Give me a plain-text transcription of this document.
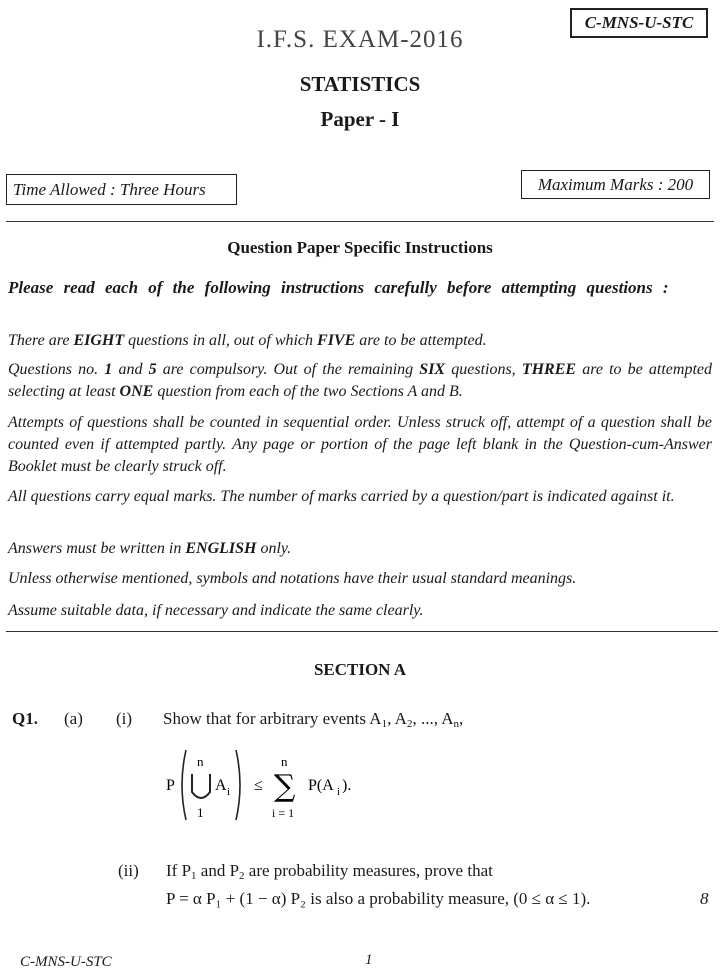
C-MNS-U-STC
I.F.S. EXAM-2016
STATISTICS
Paper - I
Time Allowed : Three Hours	Maximum Marks : 200
Question Paper Specific Instructions
Please read each of the following instructions carefully before attempting questions :
There are EIGHT questions in all, out of which FIVE are to be attempted.
Questions no. 1 and 5 are compulsory. Out of the remaining SIX questions, THREE are to be attempted selecting at least ONE question from each of the two Sections A and B.
Attempts of questions shall be counted in sequential order. Unless struck off, attempt of a question shall be counted even if attempted partly. Any page or portion of the page left blank in the Question-cum-Answer Booklet must be clearly struck off.
All questions carry equal marks. The number of marks carried by a question/part is indicated against it.
Answers must be written in ENGLISH only.
Unless otherwise mentioned, symbols and notations have their usual standard meanings.
Assume suitable data, if necessary and indicate the same clearly.
SECTION A
Q1. (a) (i) Show that for arbitrary events $A_1$, $A_2$, ..., $A_n$,
P
n
1
A i ≤
n
∑
i = 1
P(A i ).
(ii) If $P_1$ and $P_2$ are probability measures, prove that
P = α P₁ + (1 − α) P₂ is also a probability measure, (0 ≤ α ≤ 1).	8
C-MNS-U-STC	1
